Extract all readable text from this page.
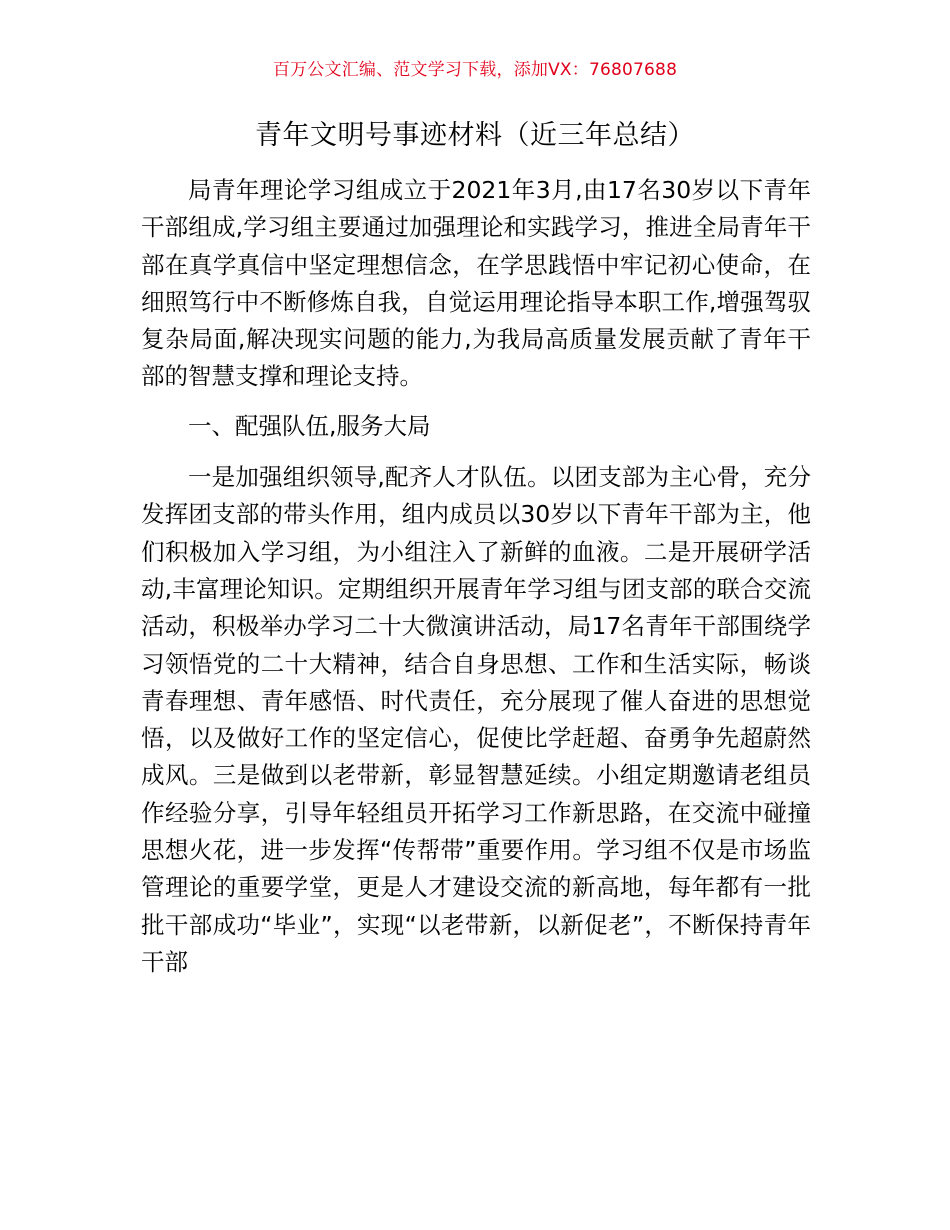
百万公文汇编、范文学习下载，添加VX：76807688
青年文明号事迹材料（近三年总结）

局青年理论学习组成立于2021年3月,由17名30岁以下青年干部组成,学习组主要通过加强理论和实践学习，推进全局青年干部在真学真信中坚定理想信念，在学思践悟中牢记初心使命，在细照笃行中不断修炼自我，自觉运用理论指导本职工作,增强驾驭复杂局面,解决现实问题的能力,为我局高质量发展贡献了青年干部的智慧支撑和理论支持。

一、配强队伍,服务大局

一是加强组织领导,配齐人才队伍。以团支部为主心骨，充分发挥团支部的带头作用，组内成员以30岁以下青年干部为主，他们积极加入学习组，为小组注入了新鲜的血液。二是开展研学活动,丰富理论知识。定期组织开展青年学习组与团支部的联合交流活动，积极举办学习二十大微演讲活动，局17名青年干部围绕学习领悟党的二十大精神，结合自身思想、工作和生活实际，畅谈青春理想、青年感悟、时代责任，充分展现了催人奋进的思想觉悟，以及做好工作的坚定信心，促使比学赶超、奋勇争先超蔚然成风。三是做到以老带新，彰显智慧延续。小组定期邀请老组员作经验分享，引导年轻组员开拓学习工作新思路，在交流中碰撞思想火花，进一步发挥“传帮带”重要作用。学习组不仅是市场监管理论的重要学堂，更是人才建设交流的新高地，每年都有一批批干部成功“毕业”，实现“以老带新，以新促老”，不断保持青年干部
